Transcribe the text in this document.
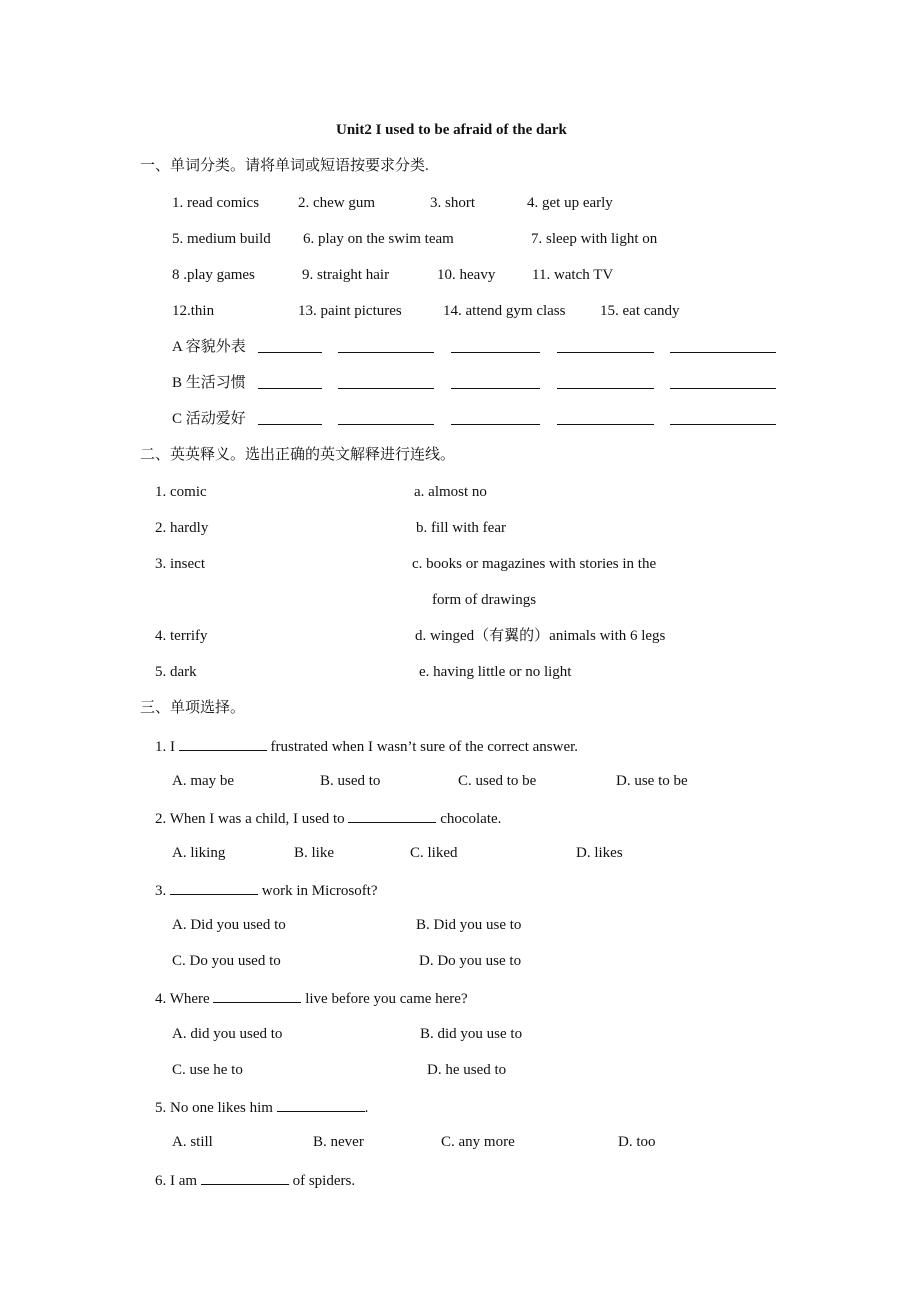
Unit2 I used to be afraid of the dark
一、单词分类。请将单词或短语按要求分类.
1. read comics	2. chew gum	3. short	4. get up early
5. medium build 6. play on the swim team	7. sleep with light on
8 .play games	9. straight hair	10. heavy 11. watch TV
12.thin	13. paint pictures	14. attend gym class 15. eat candy
A 容貌外表
B 生活习惯
C 活动爱好
二、英英释义。选出正确的英文解释进行连线。
1. comic	a. almost no
2. hardly	b. fill with fear
3. insect	c. books or magazines with stories in the
form of drawings
4. terrify	d. winged（有翼的）animals with 6 legs
5. dark	e. having little or no light
三、单项选择。
1. I	frustrated when I wasn’t sure of the correct answer.
A. may be	B. used to	C. used to be	D. use to be
2. When I was a child, I used to	chocolate.
A. liking	B. like	C. liked	D. likes
3.	work in Microsoft?
A. Did you used to	B. Did you use to
C. Do you used to	D. Do you use to
4. Where	live before you came here?
A. did you used to	B. did you use to
C. use he to	D. he used to
5. No one likes him	.
A. still	B. never	C. any more	D. too
6. I am	of spiders.
